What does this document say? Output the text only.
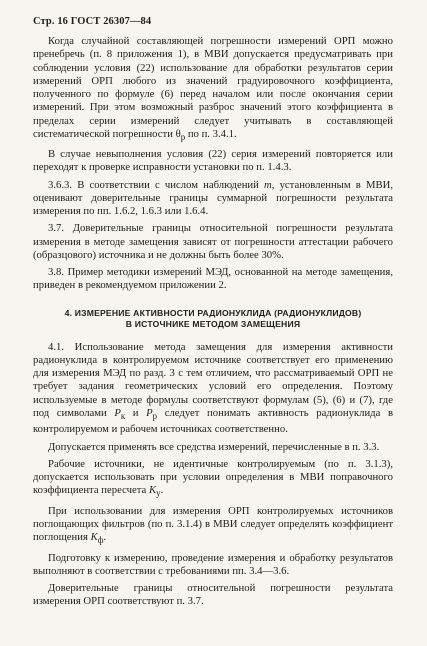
Стр. 16 ГОСТ 26307—84

Когда случайной составляющей погрешности измерений ОРП можно пренебречь (п. 8 приложения 1), в МВИ допускается предусматривать при соблюдении условия (22) использование для обработки результатов серии измерений ОРП любого из значений градуировочного коэффициента, полученного по формуле (6) перед началом или после окончания серии измерений. При этом возможный разброс значений этого коэффициента в пределах серии измерений следует учитывать в составляющей систематической погрешности $\theta_р$ по п. 3.4.1.

В случае невыполнения условия (22) серия измерений повторяется или переходят к проверке исправности установки по п. 1.4.3.

3.6.3. В соответствии с числом наблюдений m, установленным в МВИ, оценивают доверительные границы суммарной погрешности результата измерения по пп. 1.6.2, 1.6.3 или 1.6.4.

3.7. Доверительные границы относительной погрешности результата измерения в методе замещения зависят от погрешности аттестации рабочего (образцового) источника и не должны быть более 30%.

3.8. Пример методики измерений МЭД, основанной на методе замещения, приведен в рекомендуемом приложении 2.

4. ИЗМЕРЕНИЕ АКТИВНОСТИ РАДИОНУКЛИДА (РАДИОНУКЛИДОВ)
В ИСТОЧНИКЕ МЕТОДОМ ЗАМЕЩЕНИЯ

4.1. Использование метода замещения для измерения активности радионуклида в контролируемом источнике соответствует его применению для измерения МЭД по разд. 3 с тем отличием, что рассматриваемый ОРП не требует задания геометрических условий его определения. Поэтому используемые в методе формулы соответствуют формулам (5), (6) и (7), где под символами $P_к$ и $P_р$ следует понимать активность радионуклида в контролируемом и рабочем источниках соответственно.

Допускается применять все средства измерений, перечисленные в п. 3.3.

Рабочие источники, не идентичные контролируемым (по п. 3.1.3), допускается использовать при условии определения в МВИ поправочного коэффициента пересчета $K_у$.

При использовании для измерения ОРП контролируемых источников поглощающих фильтров (по п. 3.1.4) в МВИ следует определять коэффициент поглощения $K_ф$.

Подготовку к измерению, проведение измерения и обработку результатов выполняют в соответствии с требованиями пп. 3.4—3.6.

Доверительные границы относительной погрешности результата измерения ОРП соответствуют п. 3.7.
